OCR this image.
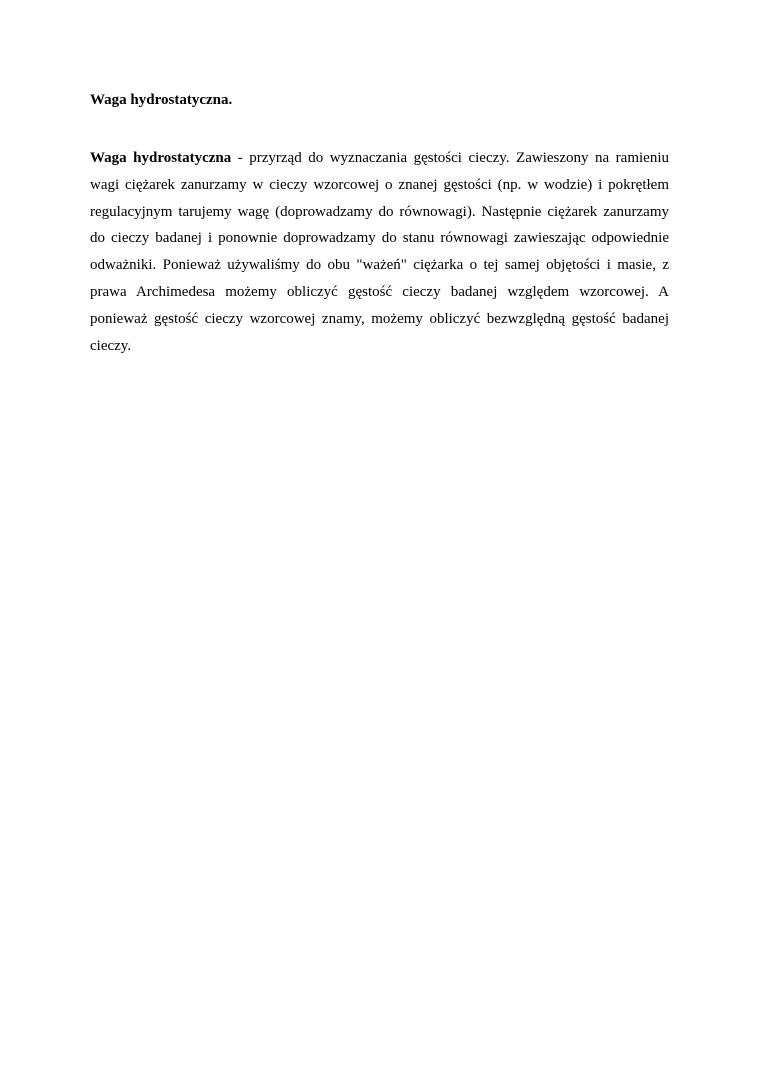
Waga hydrostatyczna.

Waga hydrostatyczna - przyrząd do wyznaczania gęstości cieczy. Zawieszony na ramieniu wagi ciężarek zanurzamy w cieczy wzorcowej o znanej gęstości (np. w wodzie) i pokrętłem regulacyjnym tarujemy wagę (doprowadzamy do równowagi). Następnie ciężarek zanurzamy do cieczy badanej i ponownie doprowadzamy do stanu równowagi zawieszając odpowiednie odważniki. Ponieważ używaliśmy do obu "ważeń" ciężarka o tej samej objętości i masie, z prawa Archimedesa możemy obliczyć gęstość cieczy badanej względem wzorcowej. A ponieważ gęstość cieczy wzorcowej znamy, możemy obliczyć bezwzględną gęstość badanej cieczy.
